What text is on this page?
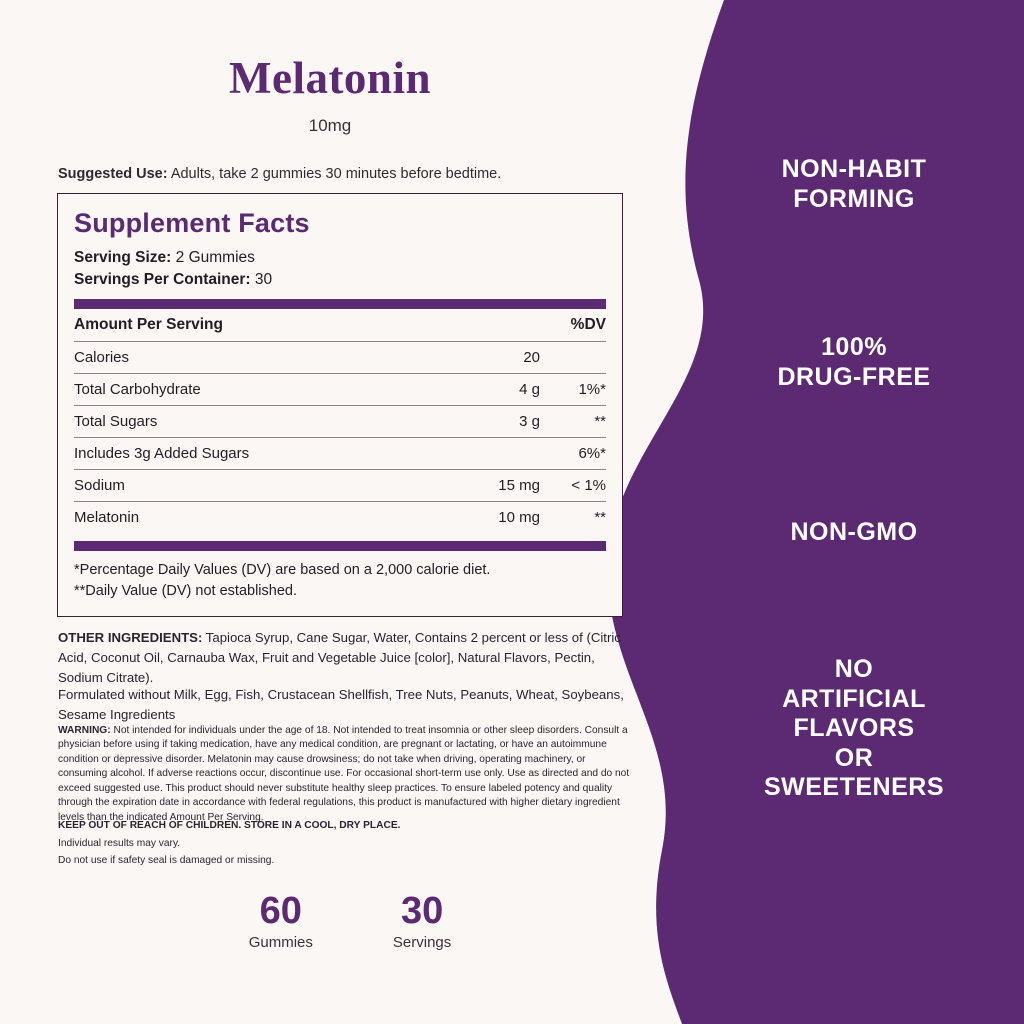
NON-HABIT
FORMING
100%
DRUG-FREE
NON-GMO
NO
ARTIFICIAL
FLAVORS
OR
SWEETENERS
Melatonin
10mg
Suggested Use: Adults, take 2 gummies 30 minutes before bedtime.
Supplement Facts
Serving Size: 2 Gummies
Servings Per Container: 30
Amount Per Serving		%DV
Calories	20	
Total Carbohydrate	4 g	1%*
Total Sugars	3 g	**
Includes 3g Added Sugars		6%*
Sodium	15 mg	< 1%
Melatonin	10 mg	**
*Percentage Daily Values (DV) are based on a 2,000 calorie diet.
**Daily Value (DV) not established.
OTHER INGREDIENTS: Tapioca Syrup, Cane Sugar, Water, Contains 2 percent or less of (Citric Acid, Coconut Oil, Carnauba Wax, Fruit and Vegetable Juice [color], Natural Flavors, Pectin, Sodium Citrate).
Formulated without Milk, Egg, Fish, Crustacean Shellfish, Tree Nuts, Peanuts, Wheat, Soybeans, Sesame Ingredients
WARNING: Not intended for individuals under the age of 18. Not intended to treat insomnia or other sleep disorders. Consult a physician before using if taking medication, have any medical condition, are pregnant or lactating, or have an autoimmune condition or depressive disorder. Melatonin may cause drowsiness; do not take when driving, operating machinery, or consuming alcohol. If adverse reactions occur, discontinue use. For occasional short-term use only. Use as directed and do not exceed suggested use. This product should never substitute healthy sleep practices. To ensure labeled potency and quality through the expiration date in accordance with federal regulations, this product is manufactured with higher dietary ingredient levels than the indicated Amount Per Serving.
KEEP OUT OF REACH OF CHILDREN. STORE IN A COOL, DRY PLACE.
Individual results may vary.
Do not use if safety seal is damaged or missing.
60
Gummies
30
Servings
